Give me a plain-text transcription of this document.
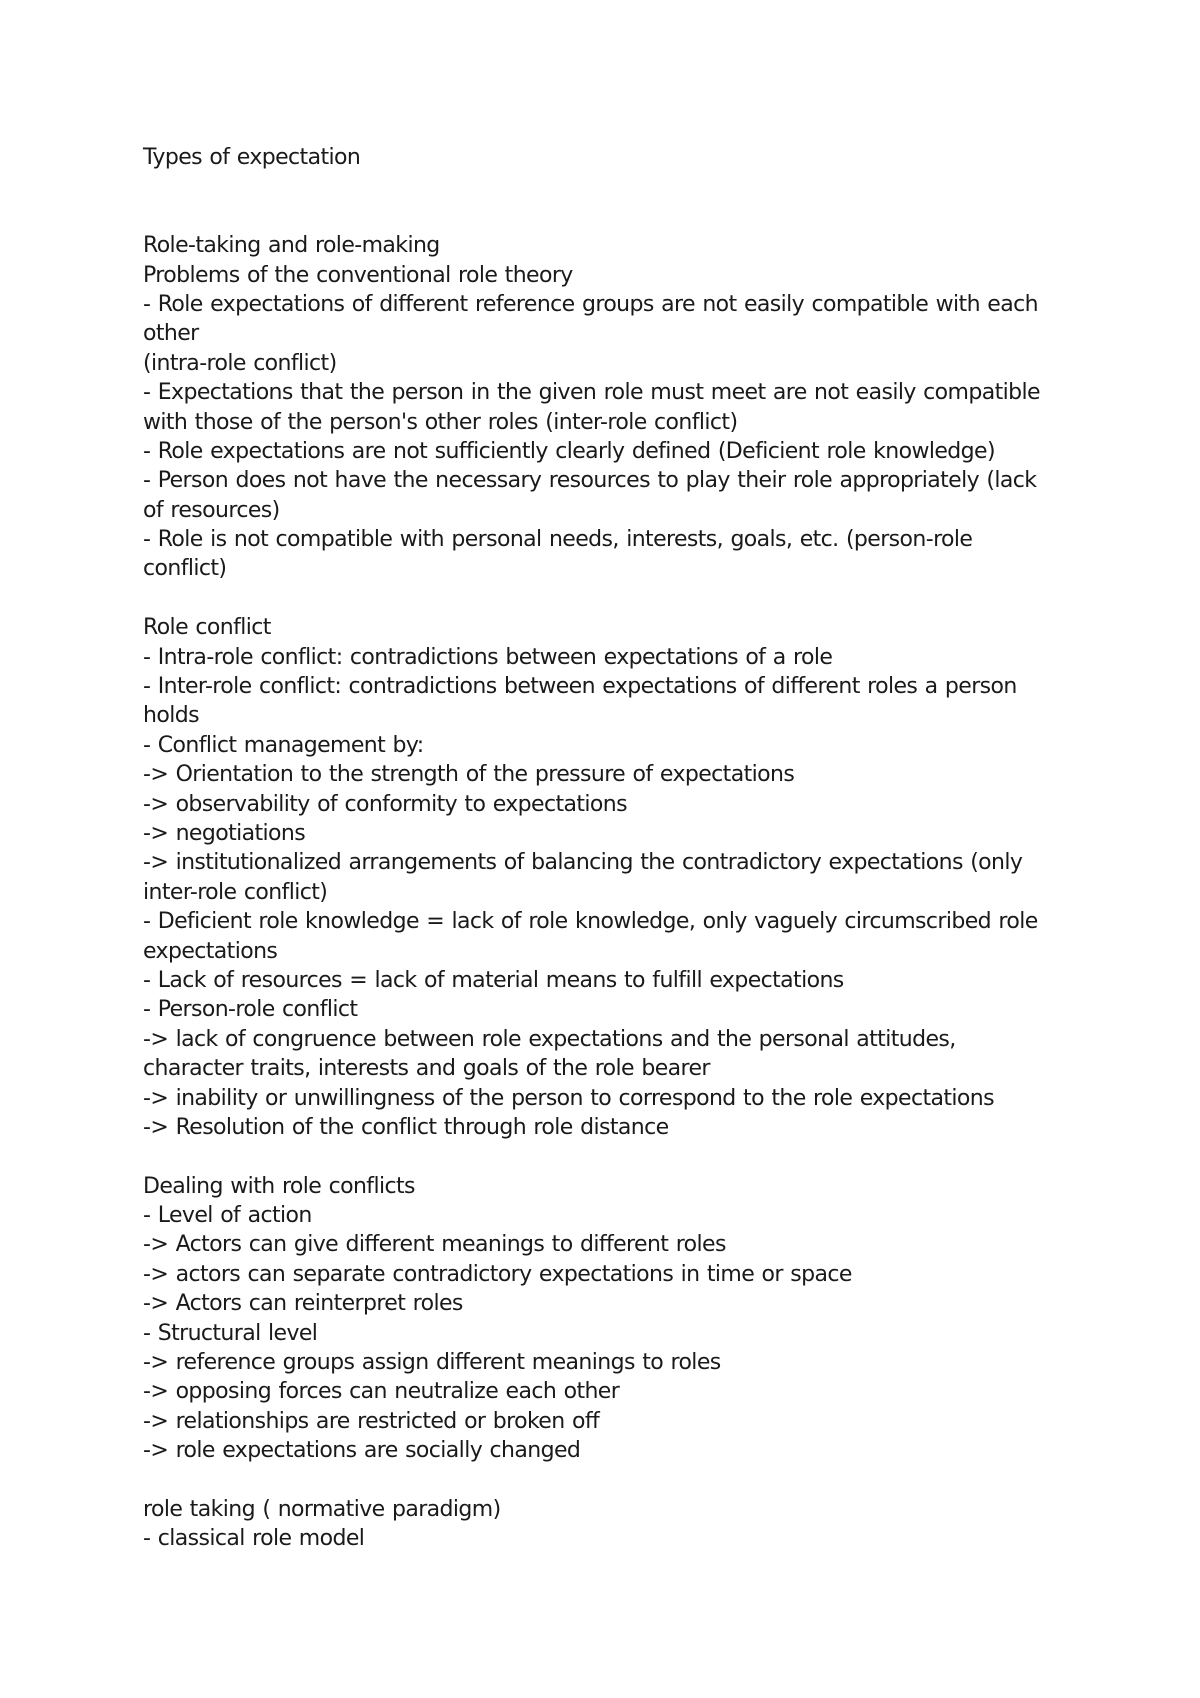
Types of expectation
Role-taking and role-making
Problems of the conventional role theory
- Role expectations of different reference groups are not easily compatible with each
other
(intra-role conflict)
- Expectations that the person in the given role must meet are not easily compatible
with those of the person's other roles (inter-role conflict)
- Role expectations are not sufficiently clearly defined (Deficient role knowledge)
- Person does not have the necessary resources to play their role appropriately (lack
of resources)
- Role is not compatible with personal needs, interests, goals, etc. (person-role
conflict)
Role conflict
- Intra-role conflict: contradictions between expectations of a role
- Inter-role conflict: contradictions between expectations of different roles a person
holds
- Conflict management by:
-> Orientation to the strength of the pressure of expectations
-> observability of conformity to expectations
-> negotiations
-> institutionalized arrangements of balancing the contradictory expectations (only
inter-role conflict)
- Deficient role knowledge = lack of role knowledge, only vaguely circumscribed role
expectations
- Lack of resources = lack of material means to fulfill expectations
- Person-role conflict
-> lack of congruence between role expectations and the personal attitudes,
character traits, interests and goals of the role bearer
-> inability or unwillingness of the person to correspond to the role expectations
-> Resolution of the conflict through role distance
Dealing with role conflicts
- Level of action
-> Actors can give different meanings to different roles
-> actors can separate contradictory expectations in time or space
-> Actors can reinterpret roles
- Structural level
-> reference groups assign different meanings to roles
-> opposing forces can neutralize each other
-> relationships are restricted or broken off
-> role expectations are socially changed
role taking ( normative paradigm)
- classical role model
